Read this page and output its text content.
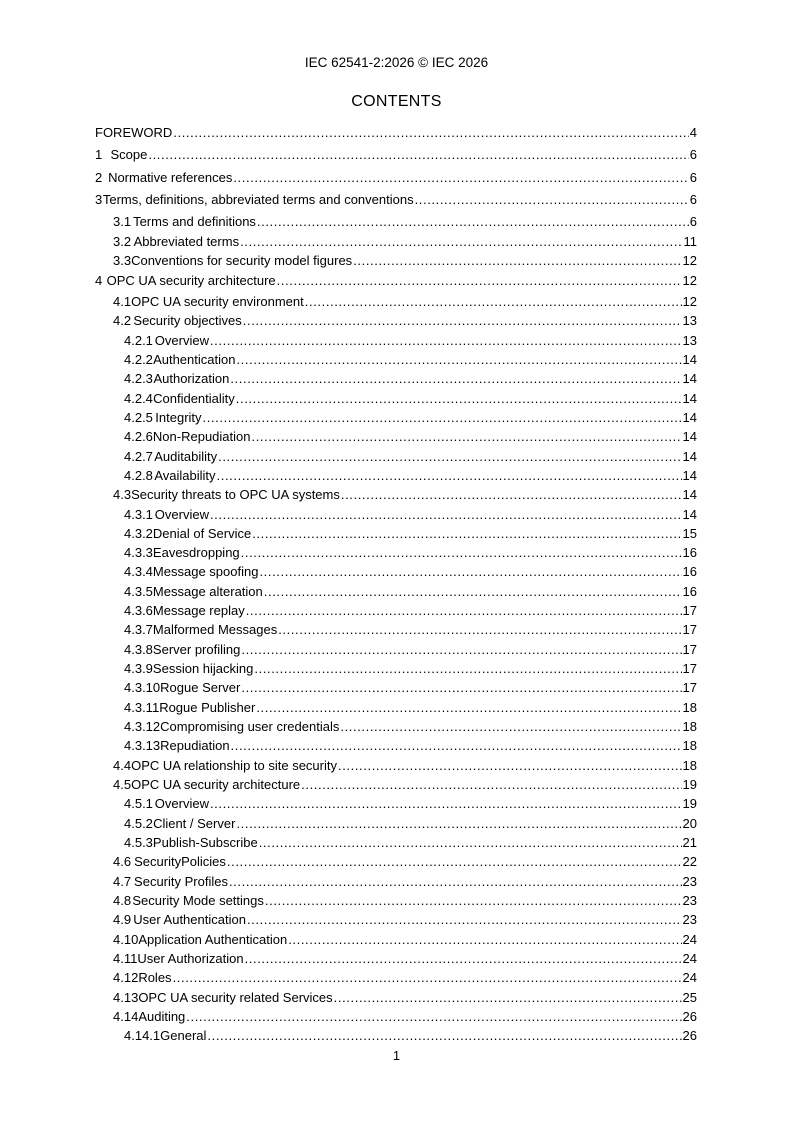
IEC 62541-2:2026 © IEC 2026
CONTENTS
FOREWORD .....	4
1 Scope .....	6
2 Normative references .....	6
3 Terms, definitions, abbreviated terms and conventions .....	6
3.1 Terms and definitions .....	6
3.2 Abbreviated terms .....	11
3.3 Conventions for security model figures .....	12
4 OPC UA security architecture .....	12
4.1 OPC UA security environment .....	12
4.2 Security objectives .....	13
4.2.1 Overview .....	13
4.2.2 Authentication .....	14
4.2.3 Authorization .....	14
4.2.4 Confidentiality .....	14
4.2.5 Integrity .....	14
4.2.6 Non-Repudiation .....	14
4.2.7 Auditability .....	14
4.2.8 Availability .....	14
4.3 Security threats to OPC UA systems .....	14
4.3.1 Overview .....	14
4.3.2 Denial of Service .....	15
4.3.3 Eavesdropping .....	16
4.3.4 Message spoofing .....	16
4.3.5 Message alteration .....	16
4.3.6 Message replay .....	17
4.3.7 Malformed Messages .....	17
4.3.8 Server profiling .....	17
4.3.9 Session hijacking .....	17
4.3.10 Rogue Server .....	17
4.3.11 Rogue Publisher .....	18
4.3.12 Compromising user credentials .....	18
4.3.13 Repudiation .....	18
4.4 OPC UA relationship to site security .....	18
4.5 OPC UA security architecture .....	19
4.5.1 Overview .....	19
4.5.2 Client / Server .....	20
4.5.3 Publish-Subscribe .....	21
4.6 SecurityPolicies .....	22
4.7 Security Profiles .....	23
4.8 Security Mode settings .....	23
4.9 User Authentication .....	23
4.10 Application Authentication .....	24
4.11 User Authorization .....	24
4.12 Roles .....	24
4.13 OPC UA security related Services .....	25
4.14 Auditing .....	26
4.14.1 General .....	26
1
